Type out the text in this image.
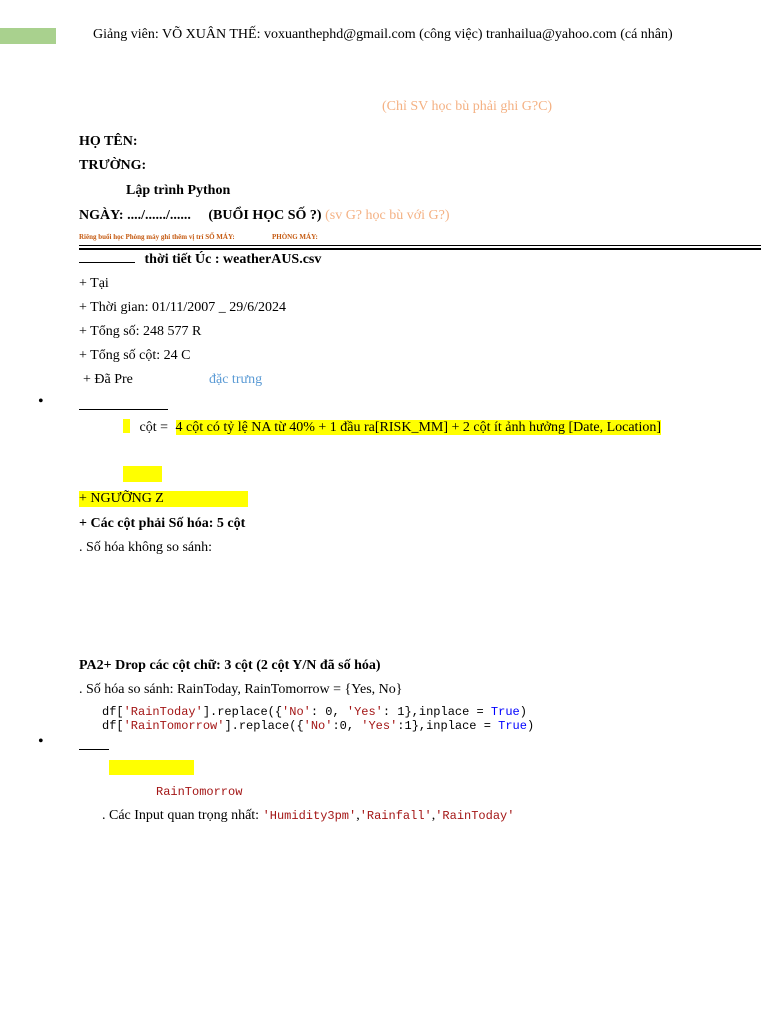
Giảng viên: VÕ XUÂN THẾ: voxuanthephd@gmail.com (công việc) tranhailua@yahoo.com (cá nhân)
(Chỉ SV học bù phải ghi G?C)
HỌ TÊN:
TRƯỜNG:
Lập trình Python
NGÀY: ..../....../...... (BUỔI HỌC SỐ ?) (sv G? học bù với G?)
Riêng buổi học Phòng máy ghi thêm vị trí SỐ MÁY:	PHÒNG MÁY:
thời tiết Úc : weatherAUS.csv
+ Tại
+ Thời gian: 01/11/2007 _ 29/6/2024
+ Tổng số: 248 577 R
+ Tổng số cột: 24 C
+ Đã Pre	đặc trưng
•
cột = 4 cột có tỷ lệ NA từ 40% + 1 đầu ra[RISK_MM] + 2 cột ít ảnh hưởng [Date, Location]
+ NGƯỠNG Z
+ Các cột phải Số hóa: 5 cột
. Số hóa không so sánh:
PA2+ Drop các cột chữ: 3 cột (2 cột Y/N đã số hóa)
. Số hóa so sánh: RainToday, RainTomorrow = {Yes, No}
df['RainToday'].replace({'No': 0, 'Yes': 1},inplace = True)
df['RainTomorrow'].replace({'No':0, 'Yes':1},inplace = True)
•
RainTomorrow
. Các Input quan trọng nhất: 'Humidity3pm','Rainfall','RainToday'
